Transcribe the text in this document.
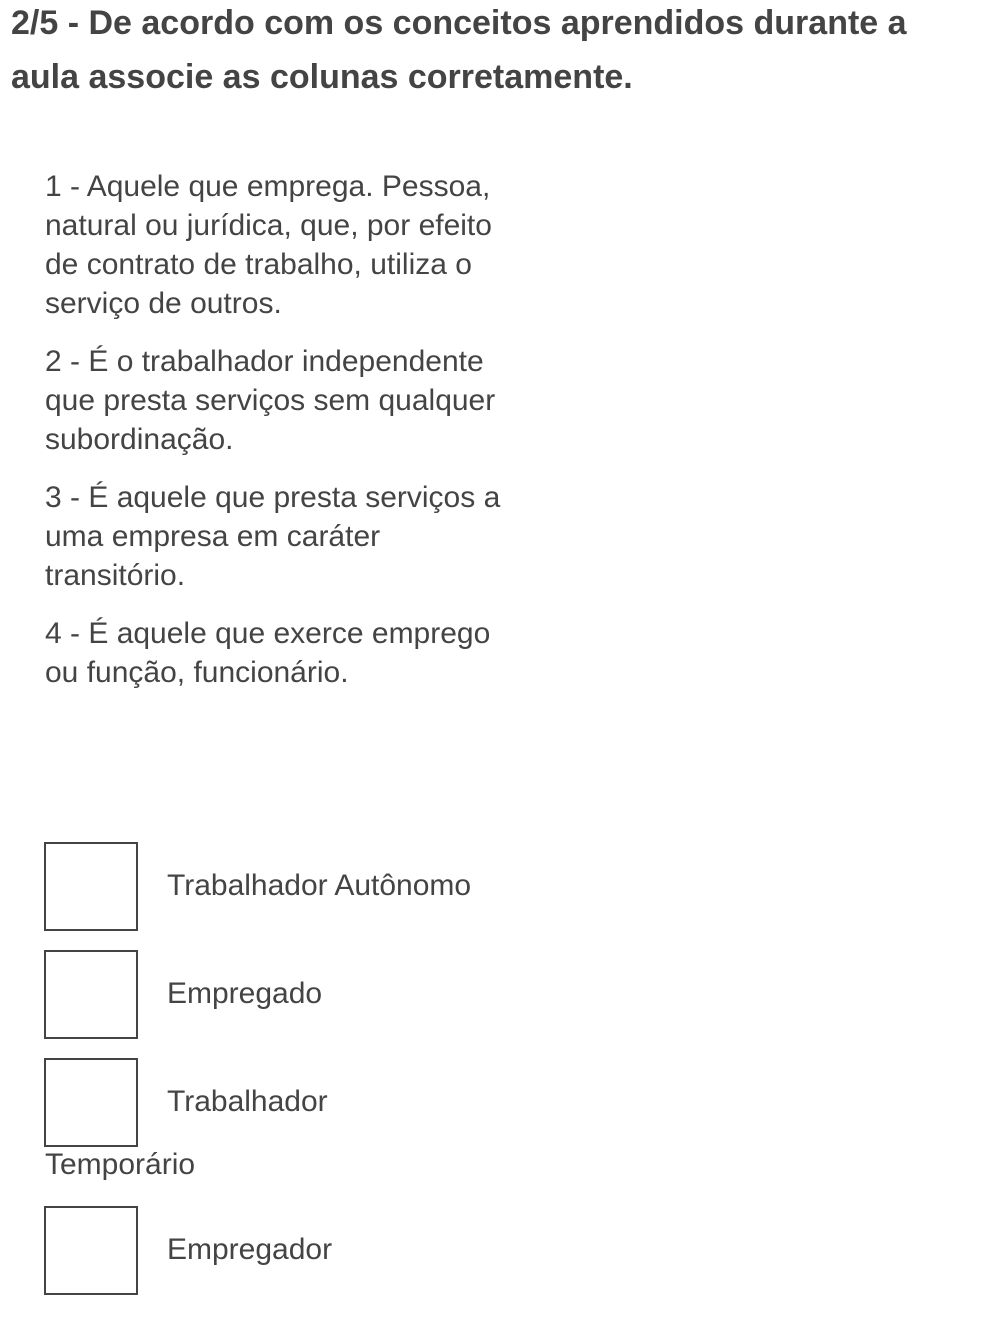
2/5 - De acordo com os conceitos aprendidos durante a aula associe as colunas corretamente.
1 - Aquele que emprega. Pessoa, natural ou jurídica, que, por efeito de contrato de trabalho, utiliza o serviço de outros.
2 - É o trabalhador independente que presta serviços sem qualquer subordinação.
3 - É aquele que presta serviços a uma empresa em caráter transitório.
4 - É aquele que exerce emprego ou função, funcionário.
Trabalhador Autônomo
Empregado
Trabalhador
Temporário
Empregador
